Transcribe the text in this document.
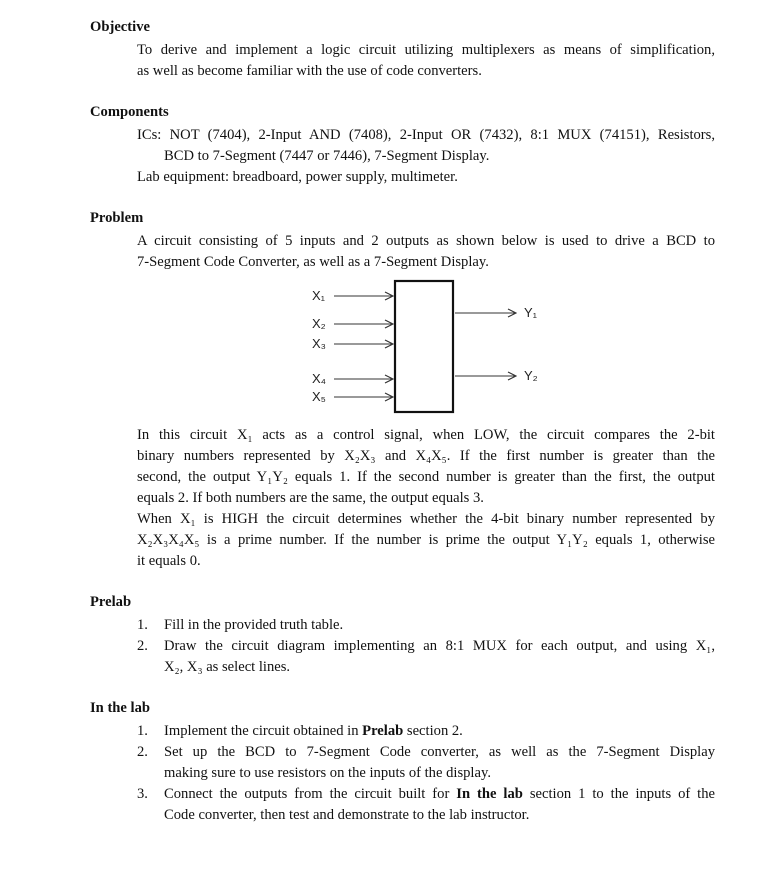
Objective
To derive and implement a logic circuit utilizing multiplexers as means of simplification,
as well as become familiar with the use of code converters.
Components
ICs: NOT (7404), 2-Input AND (7408), 2-Input OR (7432), 8:1 MUX (74151), Resistors,
BCD to 7-Segment (7447 or 7446), 7-Segment Display.
Lab equipment: breadboard, power supply, multimeter.
Problem
A circuit consisting of 5 inputs and 2 outputs as shown below is used to drive a BCD to
7-Segment Code Converter, as well as a 7-Segment Display.
X₁
X₂
X₃
X₄
X₅
Y₁
Y₂
In this circuit X₁ acts as a control signal, when LOW, the circuit compares the 2-bit
binary numbers represented by X₂X₃ and X₄X₅. If the first number is greater than the
second, the output Y₁Y₂ equals 1. If the second number is greater than the first, the output
equals 2. If both numbers are the same, the output equals 3.
When X₁ is HIGH the circuit determines whether the 4-bit binary number represented by
X₂X₃X₄X₅ is a prime number. If the number is prime the output Y₁Y₂ equals 1, otherwise
it equals 0.
Prelab
1. Fill in the provided truth table.
2. Draw the circuit diagram implementing an 8:1 MUX for each output, and using X₁,
X₂, X₃ as select lines.
In the lab
1. Implement the circuit obtained in Prelab section 2.
2. Set up the BCD to 7-Segment Code converter, as well as the 7-Segment Display
making sure to use resistors on the inputs of the display.
3. Connect the outputs from the circuit built for In the lab section 1 to the inputs of the
Code converter, then test and demonstrate to the lab instructor.
